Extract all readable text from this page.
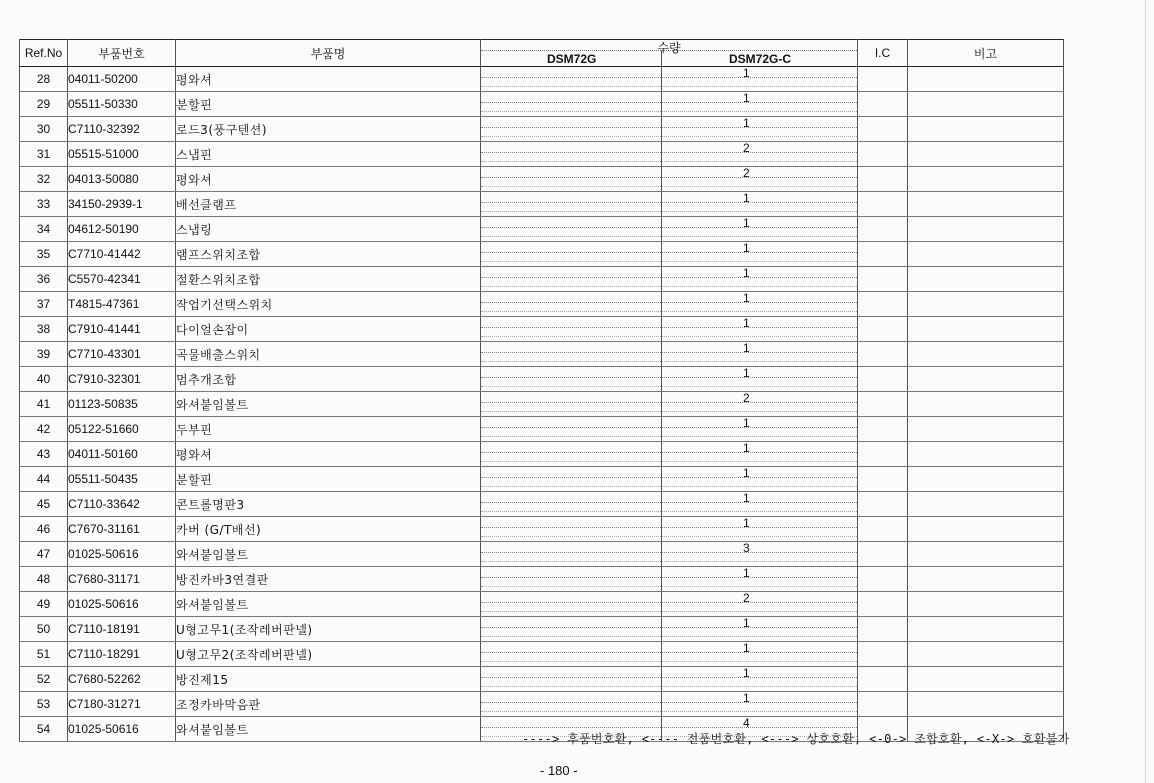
Ref.No	부품번호	부품명	수량
DSM72G DSM72G-C	I.C	비고
28	04011-50200	평와셔	1		

29	05511-50330	분할핀	1		

30	C7110-32392	로드3(풍구텐션)	1		

31	05515-51000	스냅핀	2		

32	04013-50080	평와셔	2		

33	34150-2939-1	배선클램프	1		

34	04612-50190	스냅링	1		

35	C7710-41442	램프스위치조합	1		

36	C5570-42341	절환스위치조합	1		

37	T4815-47361	작업기선택스위치	1		

38	C7910-41441	다이얼손잡이	1		

39	C7710-43301	곡물배출스위치	1		

40	C7910-32301	멈추개조합	1		

41	01123-50835	와셔붙임볼트	2		

42	05122-51660	두부핀	1		

43	04011-50160	평와셔	1		

44	05511-50435	분할핀	1		

45	C7110-33642	콘트롤명판3	1		

46	C7670-31161	카버 (G/T배선)	1		

47	01025-50616	와셔붙임볼트	3		

48	C7680-31171	방진카바3연결판	1		

49	01025-50616	와셔붙임볼트	2		

50	C7110-18191	U형고무1(조작레버판넬)	1		

51	C7110-18291	U형고무2(조작레버판넬)	1		

52	C7680-52262	방진제15	1		

53	C7180-31271	조정카바막음판	1		

54	01025-50616	와셔붙임볼트	4		

----> 후품번호환, <---- 전품번호환, <---> 상호호환, <-0-> 조합호환, <-X-> 호환불가
- 180 -
